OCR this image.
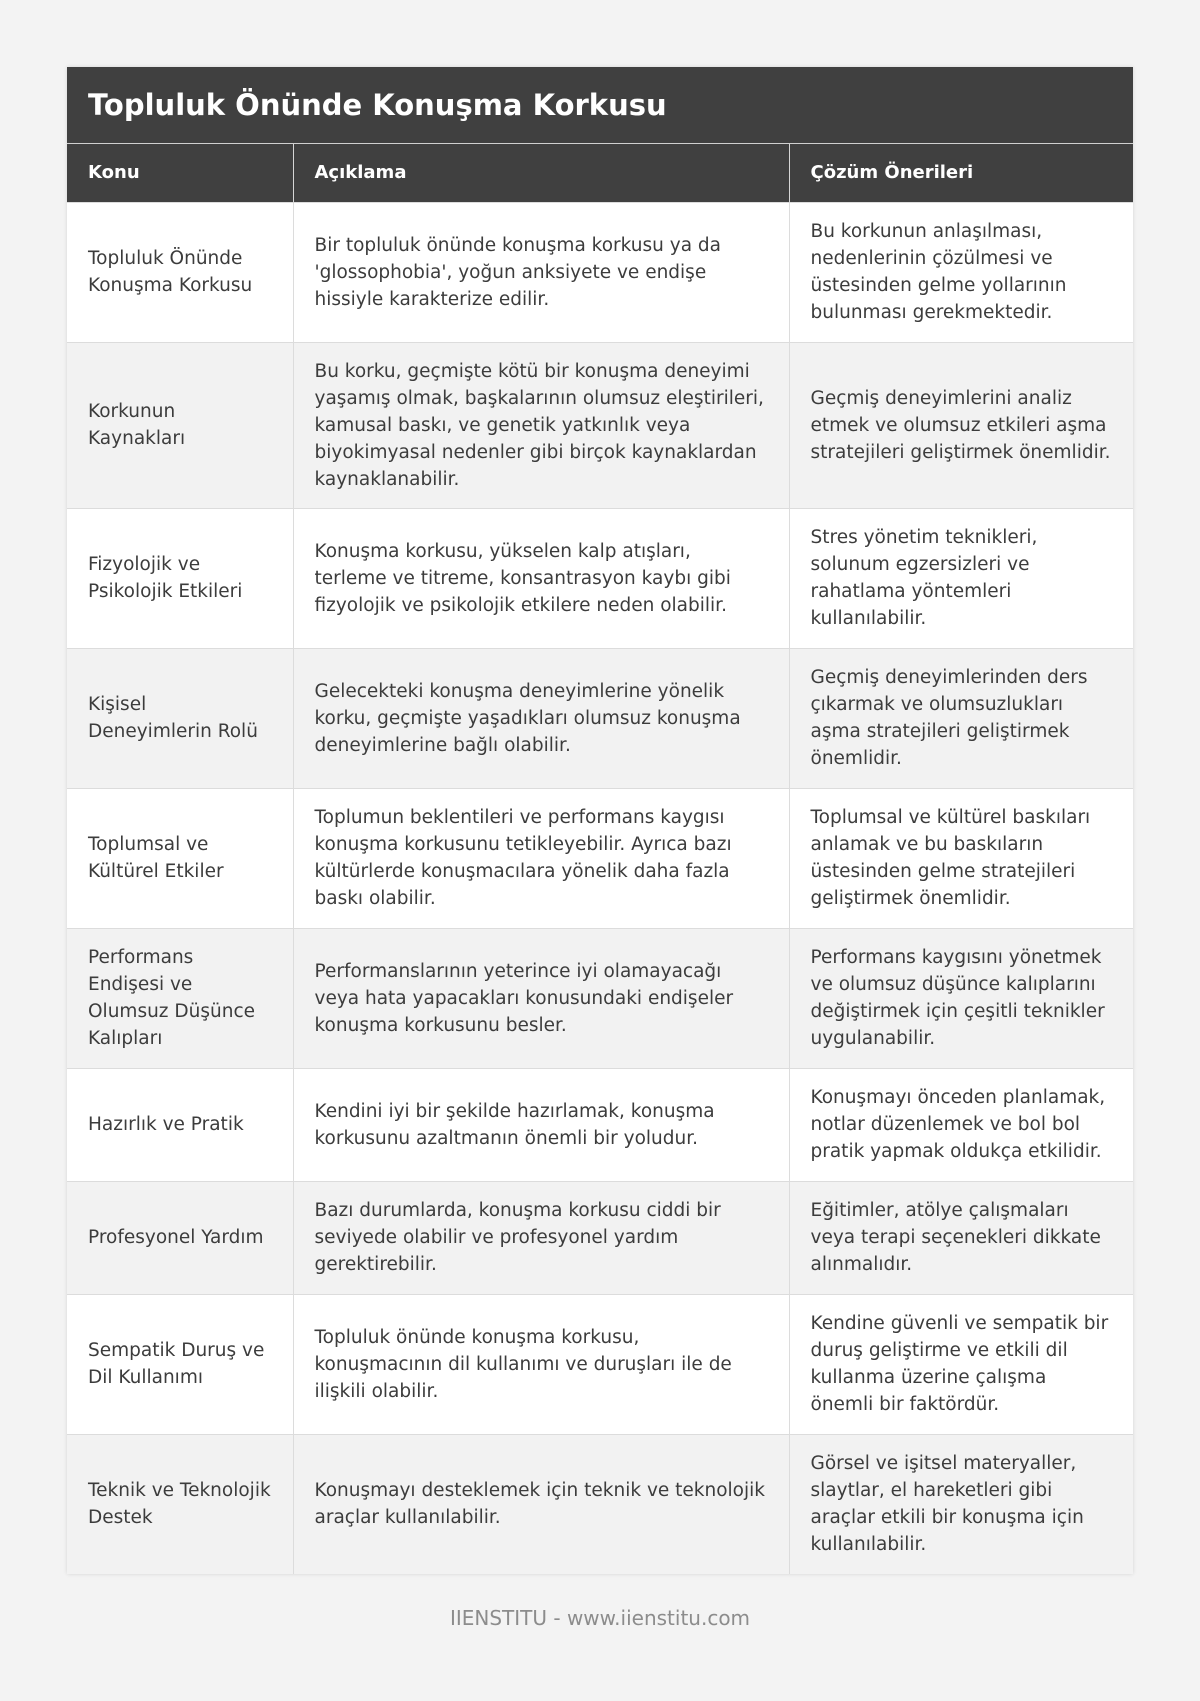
Topluluk Önünde Konuşma Korkusu
Konu	Açıklama	Çözüm Önerileri
Topluluk Önünde Konuşma Korkusu	Bir topluluk önünde konuşma korkusu ya da 'glossophobia', yoğun anksiyete ve endişe hissiyle karakterize edilir.	Bu korkunun anlaşılması, nedenlerinin çözülmesi ve üstesinden gelme yollarının bulunması gerekmektedir.
Korkunun Kaynakları	Bu korku, geçmişte kötü bir konuşma deneyimi yaşamış olmak, başkalarının olumsuz eleştirileri, kamusal baskı, ve genetik yatkınlık veya biyokimyasal nedenler gibi birçok kaynaklardan kaynaklanabilir.	Geçmiş deneyimlerini analiz etmek ve olumsuz etkileri aşma stratejileri geliştirmek önemlidir.
Fizyolojik ve Psikolojik Etkileri	Konuşma korkusu, yükselen kalp atışları, terleme ve titreme, konsantrasyon kaybı gibi fizyolojik ve psikolojik etkilere neden olabilir.	Stres yönetim teknikleri, solunum egzersizleri ve rahatlama yöntemleri kullanılabilir.
Kişisel Deneyimlerin Rolü	Gelecekteki konuşma deneyimlerine yönelik korku, geçmişte yaşadıkları olumsuz konuşma deneyimlerine bağlı olabilir.	Geçmiş deneyimlerinden ders çıkarmak ve olumsuzlukları aşma stratejileri geliştirmek önemlidir.
Toplumsal ve Kültürel Etkiler	Toplumun beklentileri ve performans kaygısı konuşma korkusunu tetikleyebilir. Ayrıca bazı kültürlerde konuşmacılara yönelik daha fazla baskı olabilir.	Toplumsal ve kültürel baskıları anlamak ve bu baskıların üstesinden gelme stratejileri geliştirmek önemlidir.
Performans Endişesi ve Olumsuz Düşünce Kalıpları	Performanslarının yeterince iyi olamayacağı veya hata yapacakları konusundaki endişeler konuşma korkusunu besler.	Performans kaygısını yönetmek ve olumsuz düşünce kalıplarını değiştirmek için çeşitli teknikler uygulanabilir.
Hazırlık ve Pratik	Kendini iyi bir şekilde hazırlamak, konuşma korkusunu azaltmanın önemli bir yoludur.	Konuşmayı önceden planlamak, notlar düzenlemek ve bol bol pratik yapmak oldukça etkilidir.
Profesyonel Yardım	Bazı durumlarda, konuşma korkusu ciddi bir seviyede olabilir ve profesyonel yardım gerektirebilir.	Eğitimler, atölye çalışmaları veya terapi seçenekleri dikkate alınmalıdır.
Sempatik Duruş ve Dil Kullanımı	Topluluk önünde konuşma korkusu, konuşmacının dil kullanımı ve duruşları ile de ilişkili olabilir.	Kendine güvenli ve sempatik bir duruş geliştirme ve etkili dil kullanma üzerine çalışma önemli bir faktördür.
Teknik ve Teknolojik Destek	Konuşmayı desteklemek için teknik ve teknolojik araçlar kullanılabilir.	Görsel ve işitsel materyaller, slaytlar, el hareketleri gibi araçlar etkili bir konuşma için kullanılabilir.
IIENSTITU - www.iienstitu.com
